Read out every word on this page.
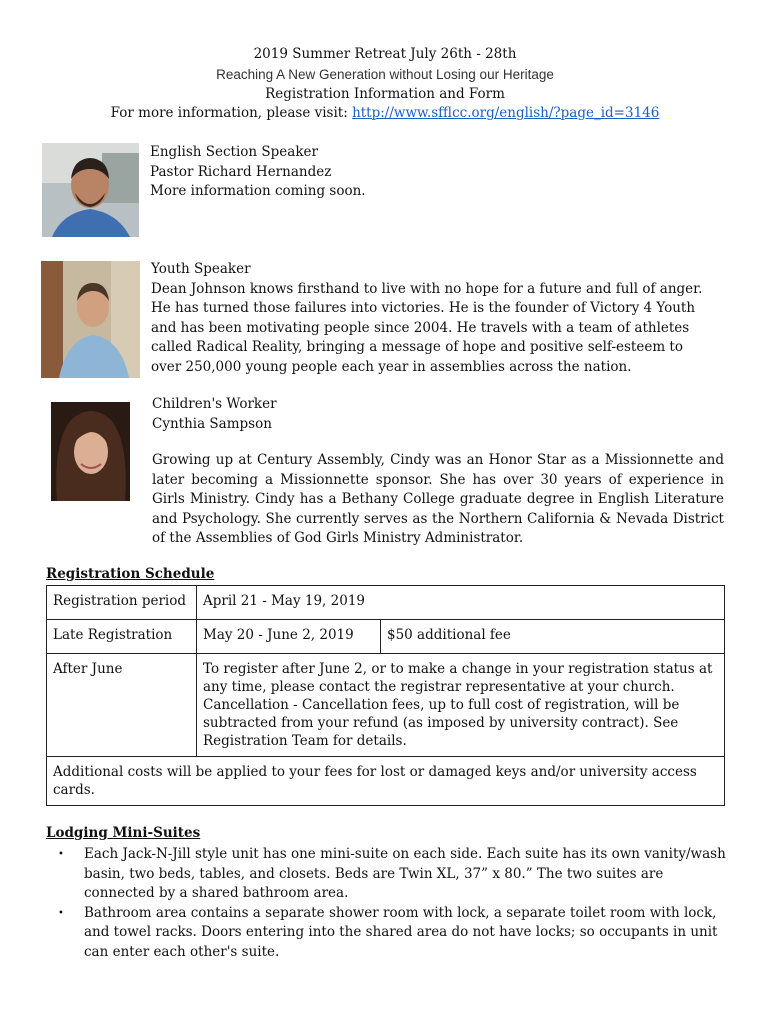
2019 Summer Retreat July 26th - 28th
Reaching A New Generation without Losing our Heritage
Registration Information and Form
For more information, please visit: http://www.sfflcc.org/english/?page_id=3146

English Section Speaker

Pastor Richard Hernandez

More information coming soon.

Youth Speaker

Dean Johnson knows firsthand to live with no hope for a future and full of anger. He has turned those failures into victories. He is the founder of Victory 4 Youth and has been motivating people since 2004. He travels with a team of athletes called Radical Reality, bringing a message of hope and positive self-esteem to over 250,000 young people each year in assemblies across the nation.

Children's Worker

Cynthia Sampson

Growing up at Century Assembly, Cindy was an Honor Star as a Missionnette and later becoming a Missionnette sponsor. She has over 30 years of experience in Girls Ministry. Cindy has a Bethany College graduate degree in English Literature and Psychology. She currently serves as the Northern California & Nevada District of the Assemblies of God Girls Ministry Administrator.

Registration Schedule
Registration period	April 21 - May 19, 2019	
Late Registration	May 20 - June 2, 2019	$50 additional fee
After June	To register after June 2, or to make a change in your registration status at any time, please contact the registrar representative at your church. Cancellation - Cancellation fees, up to full cost of registration, will be subtracted from your refund (as imposed by university contract). See Registration Team for details.	
Additional costs will be applied to your fees for lost or damaged keys and/or university access cards.		
Lodging Mini-Suites
• Each Jack-N-Jill style unit has one mini-suite on each side. Each suite has its own vanity/wash basin, two beds, tables, and closets. Beds are Twin XL, 37” x 80.” The two suites are connected by a shared bathroom area.
• Bathroom area contains a separate shower room with lock, a separate toilet room with lock, and towel racks. Doors entering into the shared area do not have locks; so occupants in unit can enter each other's suite.
